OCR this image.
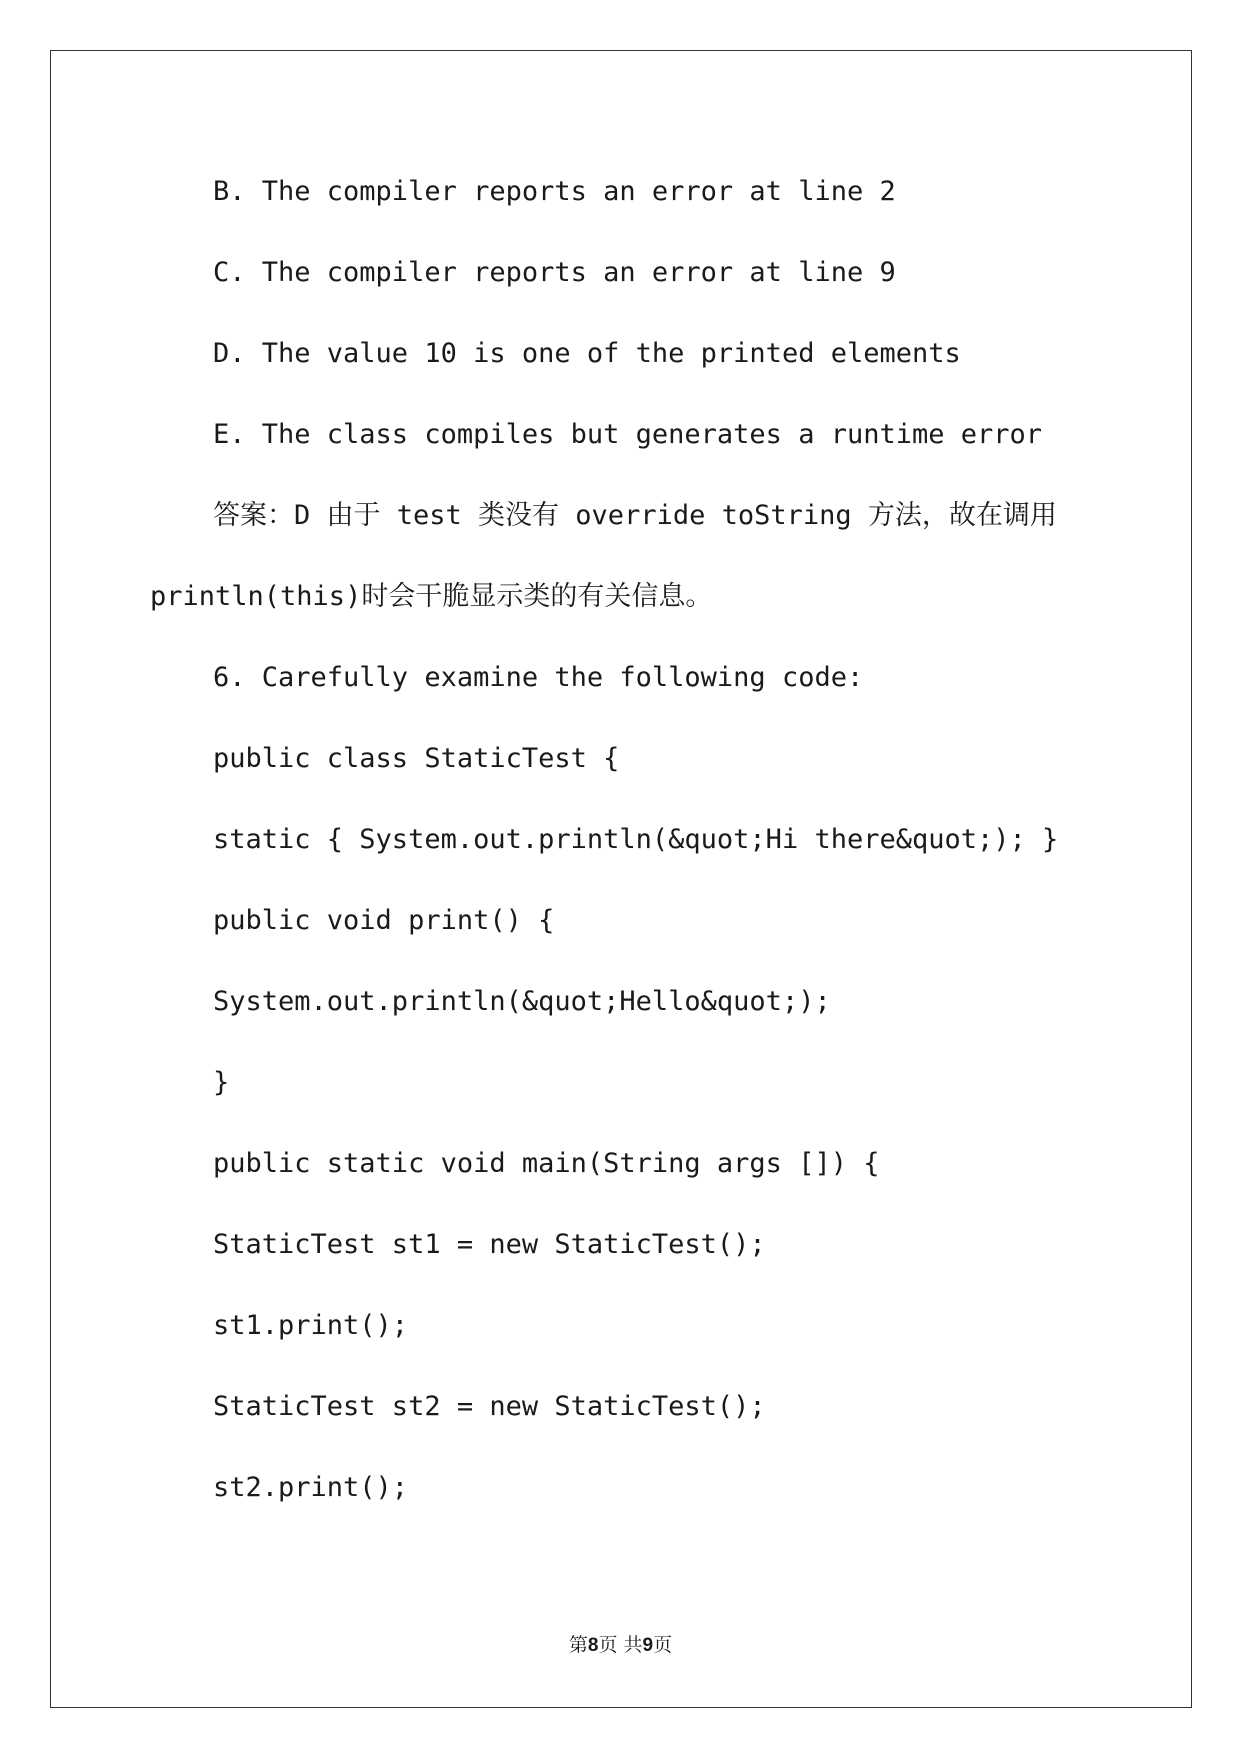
B. The compiler reports an error at line 2
C. The compiler reports an error at line 9
D. The value 10 is one of the printed elements
E. The class compiles but generates a runtime error
答案：D 由于 test 类没有 override toString 方法，故在调用
println(this)时会干脆显示类的有关信息。
6. Carefully examine the following code:
public class StaticTest {
static { System.out.println(&quot;Hi there&quot;); }
public void print() {
System.out.println(&quot;Hello&quot;);
}
public static void main(String args []) {
StaticTest st1 = new StaticTest();
st1.print();
StaticTest st2 = new StaticTest();
st2.print();
第8页 共9页
